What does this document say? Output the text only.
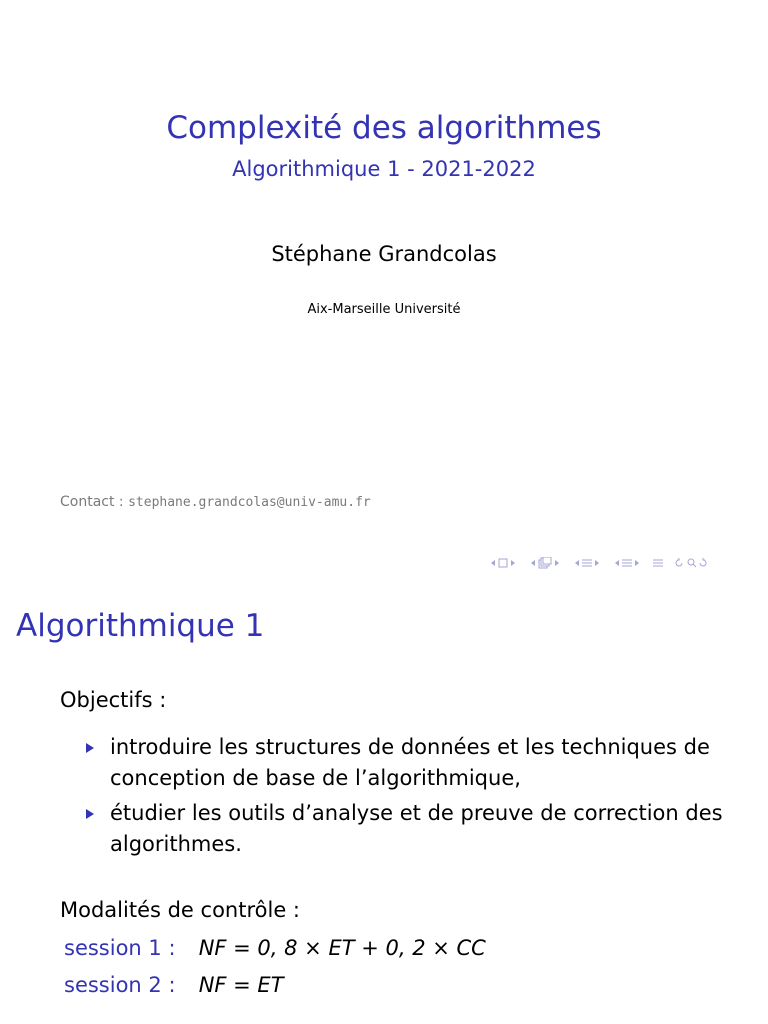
Complexité des algorithmes
Algorithmique 1 - 2021-2022
Stéphane Grandcolas
Aix-Marseille Université
Contact : stephane.grandcolas@univ-amu.fr
Algorithmique 1
Objectifs :
introduire les structures de données et les techniques de conception de base de l’algorithmique,
étudier les outils d’analyse et de preuve de correction des algorithmes.
Modalités de contrôle :
session 1 : NF = 0, 8 × ET + 0, 2 × CC
session 2 : NF = ET
